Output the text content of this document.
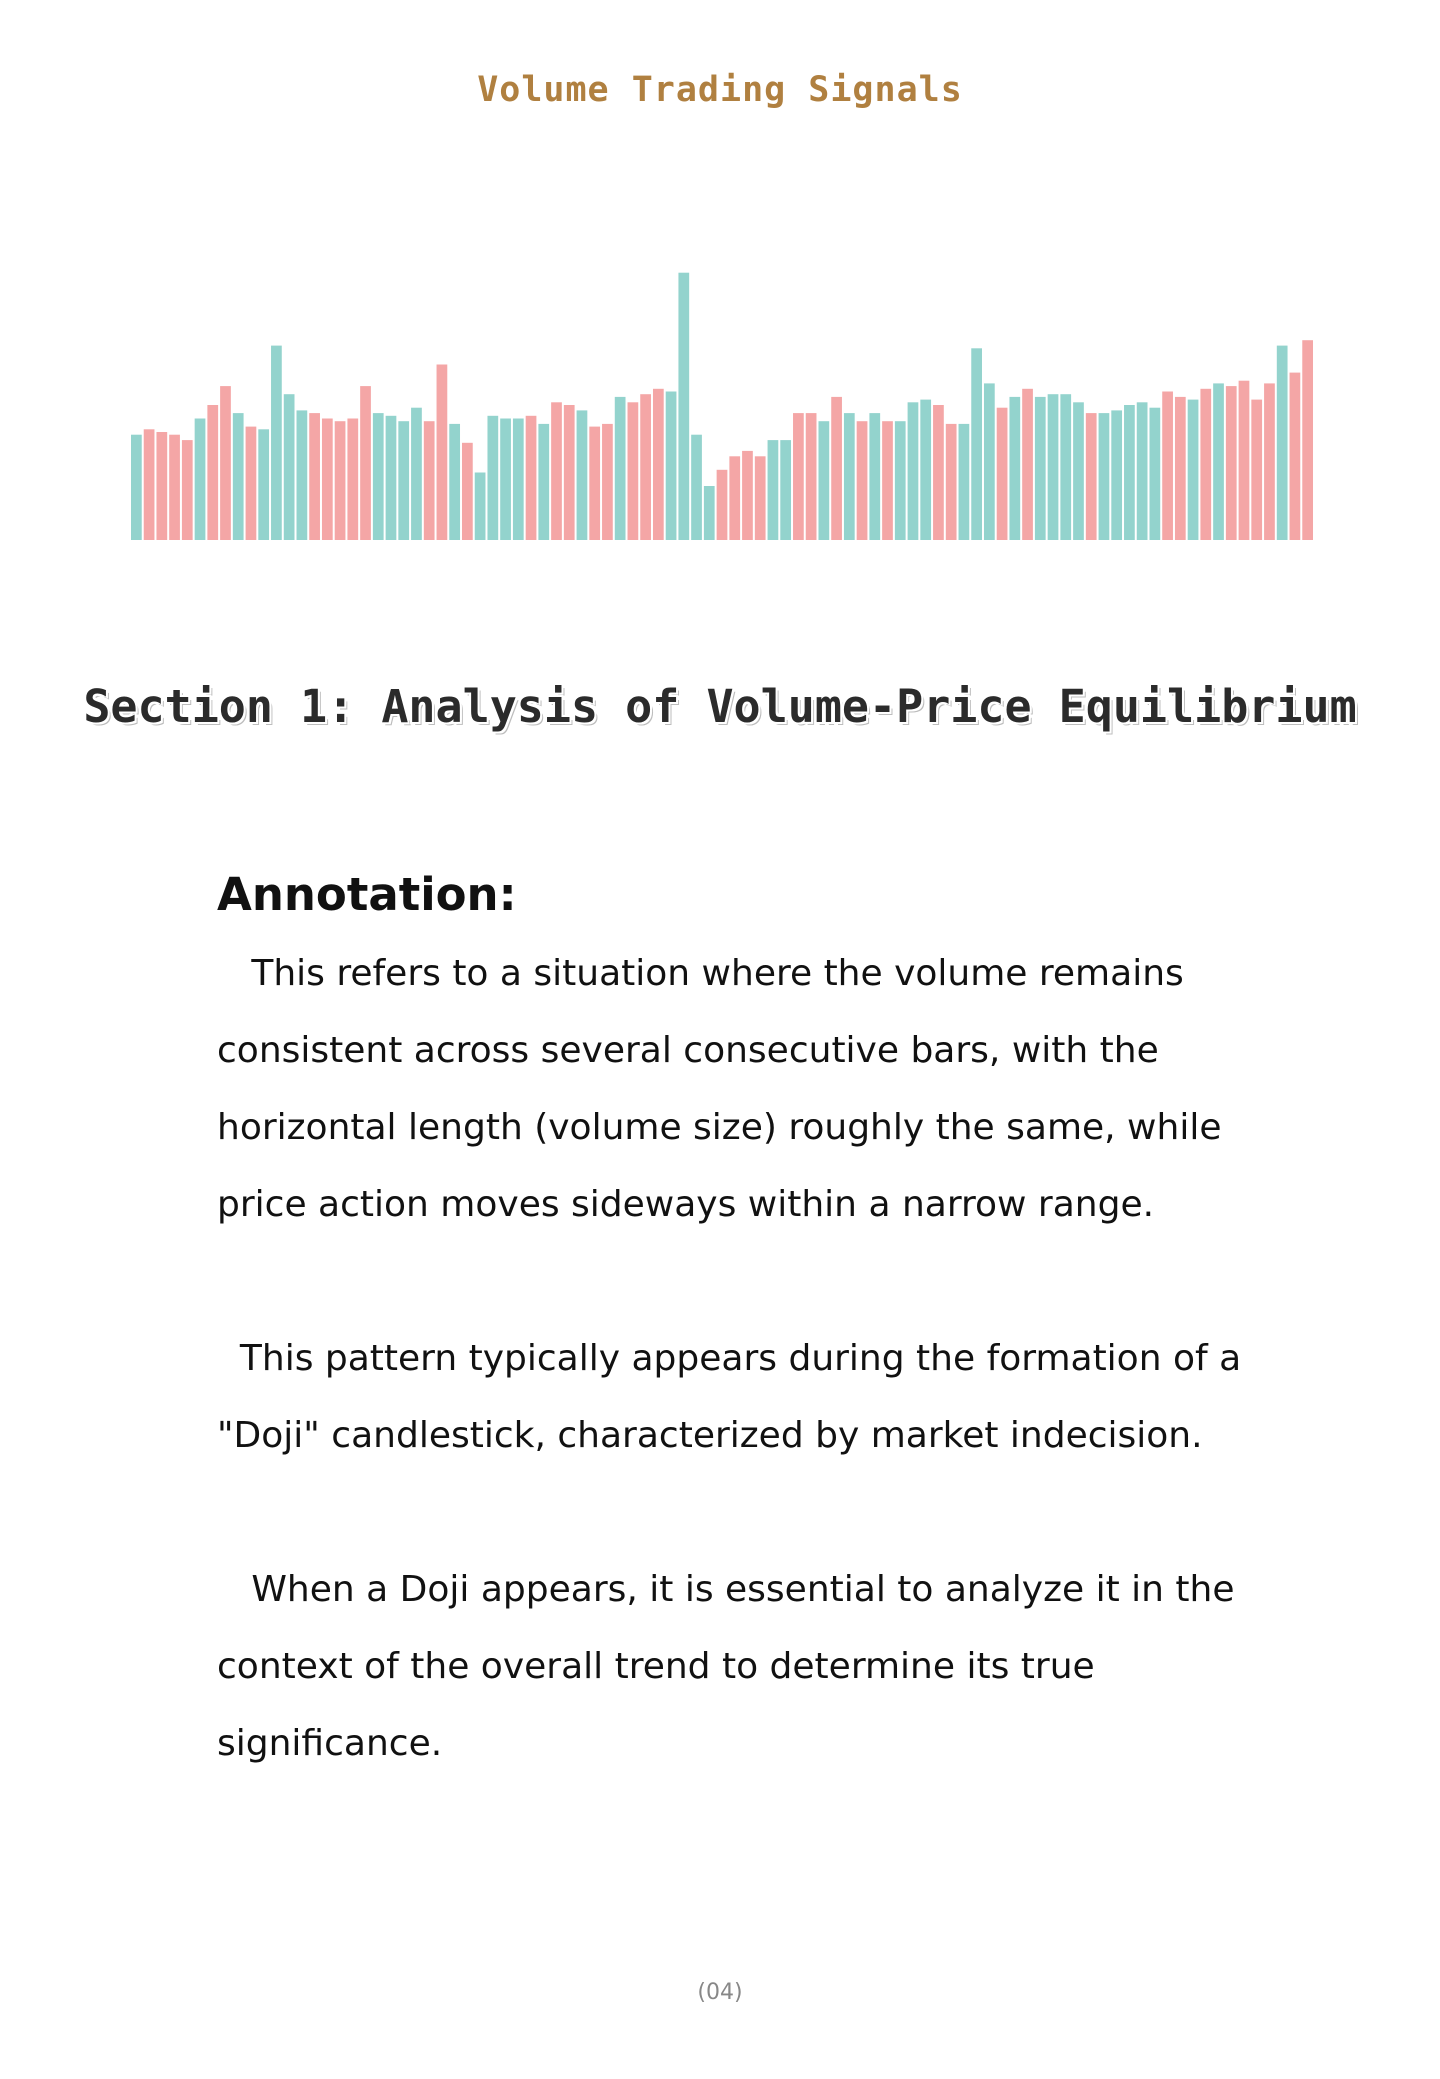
Volume Trading Signals
Section 1: Analysis of Volume-Price Equilibrium
Annotation:

This refers to a situation where the volume remains consistent across several consecutive bars, with the horizontal length (volume size) roughly the same, while price action moves sideways within a narrow range.

This pattern typically appears during the formation of a "Doji" candlestick, characterized by market indecision.

When a Doji appears, it is essential to analyze it in the context of the overall trend to determine its true significance.

(04)
